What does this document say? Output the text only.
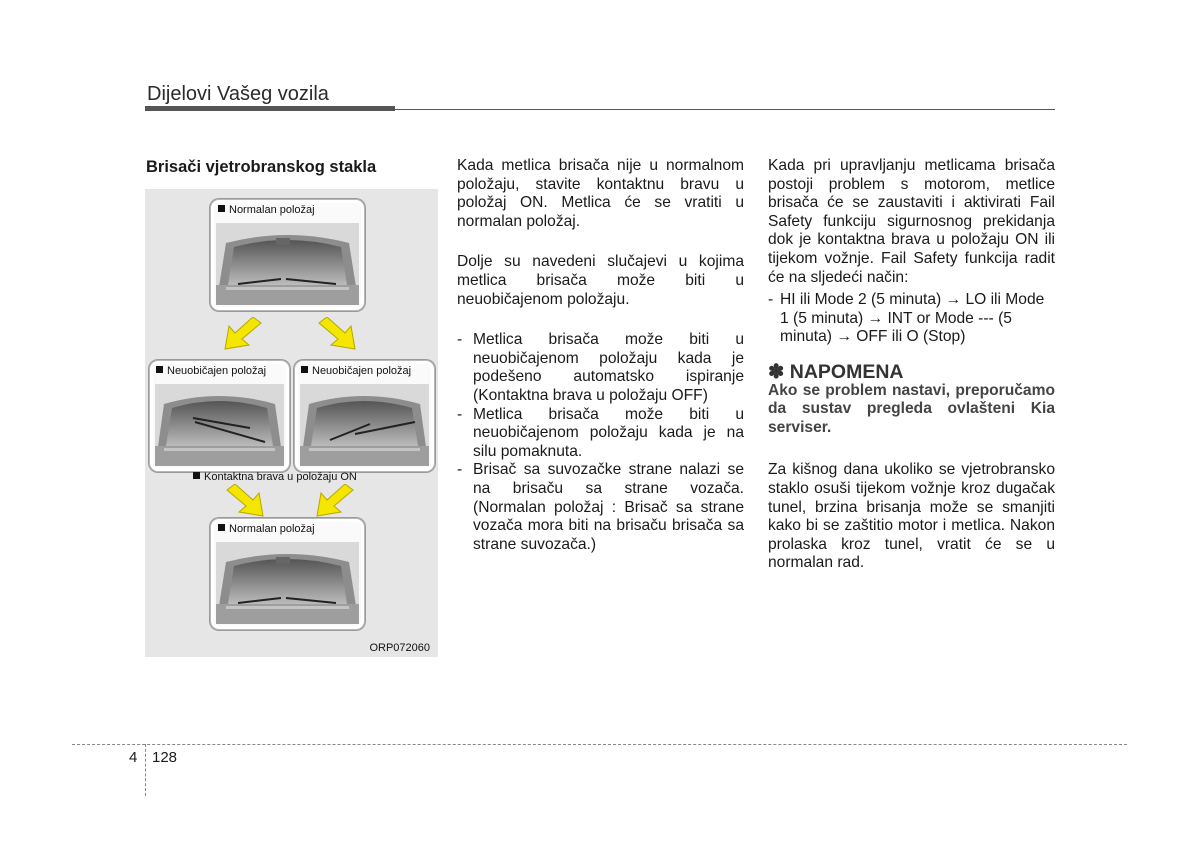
Dijelovi Vašeg vozila
Brisači vjetrobranskog stakla
Normalan položaj
Neuobičajen položaj	Neuobičajen položaj
Kontaktna brava u položaju ON
Normalan položaj
ORP072060

Kada metlica brisača nije u normalnom položaju, stavite kontaktnu bravu u položaj ON. Metlica će se vratiti u normalan položaj.

Dolje su navedeni slučajevi u kojima metlica brisača može biti u neuobičajenom položaju.

- Metlica brisača može biti u neuobičajenom položaju kada je podešeno automatsko ispiranje (Kontaktna brava u položaju OFF)
- Metlica brisača može biti u neuobičajenom položaju kada je na silu pomaknuta.
- Brisač sa suvozačke strane nalazi se na brisaču sa strane vozača. (Normalan položaj : Brisač sa strane vozača mora biti na brisaču brisača sa strane suvozača.)

Kada pri upravljanju metlicama brisača postoji problem s motorom, metlice brisača će se zaustaviti i aktivirati Fail Safety funkciju sigurnosnog prekidanja dok je kontaktna brava u položaju ON ili tijekom vožnje. Fail Safety funkcija radit će na sljedeći način:

- HI ili Mode 2 (5 minuta) → LO ili Mode 1 (5 minuta) → INT or Mode --- (5 minuta) → OFF ili O (Stop)
✽ NAPOMENA

Ako se problem nastavi, preporučamo da sustav pregleda ovlašteni Kia serviser.

Za kišnog dana ukoliko se vjetrobransko staklo osuši tijekom vožnje kroz dugačak tunel, brzina brisanja može se smanjiti kako bi se zaštitio motor i metlica. Nakon prolaska kroz tunel, vratit će se u normalan rad.

4 128
